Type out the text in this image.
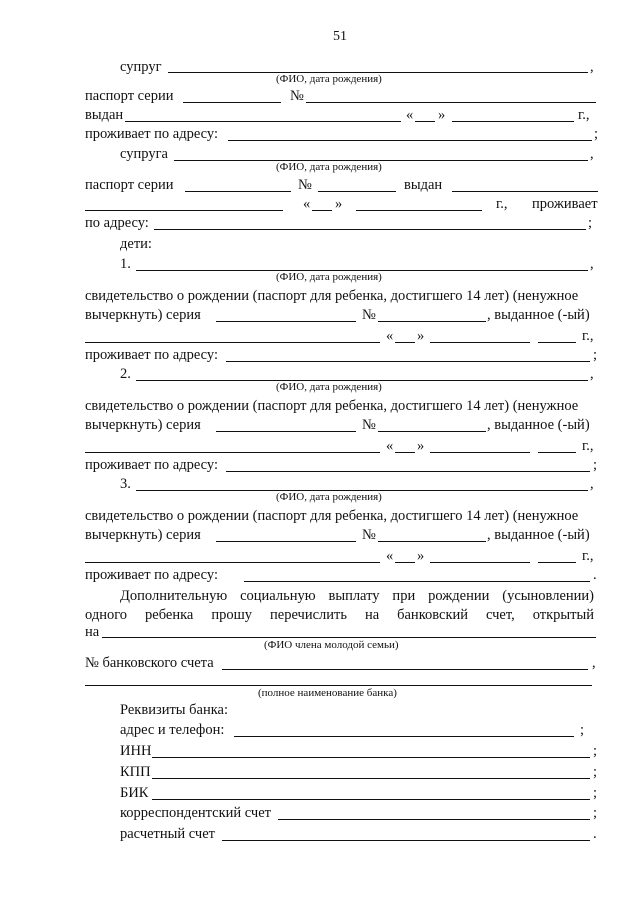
51
супруг	,
(ФИО, дата рождения)
паспорт серии	№
выдан	« »	г.,
проживает по адресу:	;
супруга	,
(ФИО, дата рождения)
паспорт серии	№	выдан
« »	г., проживает
по адресу:	;
дети:
1.	,
(ФИО, дата рождения)
свидетельство о рождении (паспорт для ребенка, достигшего 14 лет) (ненужное
вычеркнуть) серия	№	, выданное (-ый)
« »	г.,
проживает по адресу:	;
2.	,
(ФИО, дата рождения)
свидетельство о рождении (паспорт для ребенка, достигшего 14 лет) (ненужное
вычеркнуть) серия	№	, выданное (-ый)
« »	г.,
проживает по адресу:	;
3.	,
(ФИО, дата рождения)
свидетельство о рождении (паспорт для ребенка, достигшего 14 лет) (ненужное
вычеркнуть) серия	№	, выданное (-ый)
« »	г.,
проживает по адресу:	.
Дополнительную социальную выплату при рождении (усыновлении)
одного ребенка прошу перечислить на банковский счет, открытый
на
(ФИО члена молодой семьи)
№ банковского счета	,
(полное наименование банка)
Реквизиты банка:
адрес и телефон:	;
ИНН	;
КПП	;
БИК	;
корреспондентский счет	;
расчетный счет	.
